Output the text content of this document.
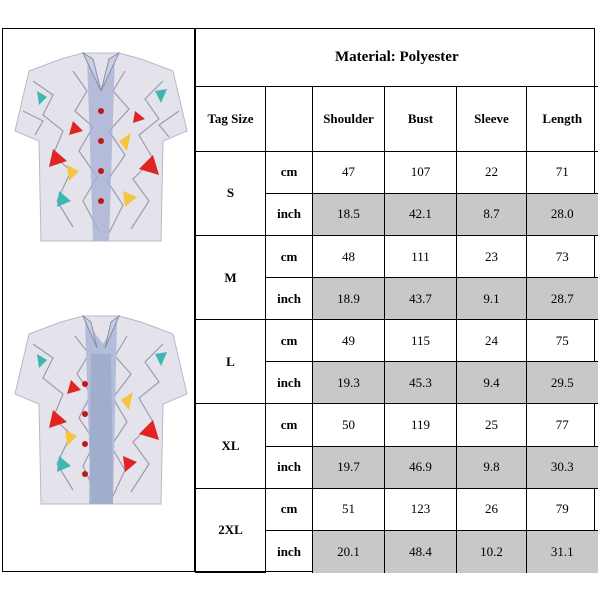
Material: Polyester					
Tag Size		Shoulder	Bust	Sleeve	Length
S	cm	47	107	22	71
	inch	18.5	42.1	8.7	28.0
M	cm	48	111	23	73
	inch	18.9	43.7	9.1	28.7
L	cm	49	115	24	75
	inch	19.3	45.3	9.4	29.5
XL	cm	50	119	25	77
	inch	19.7	46.9	9.8	30.3
2XL	cm	51	123	26	79
	inch	20.1	48.4	10.2	31.1
